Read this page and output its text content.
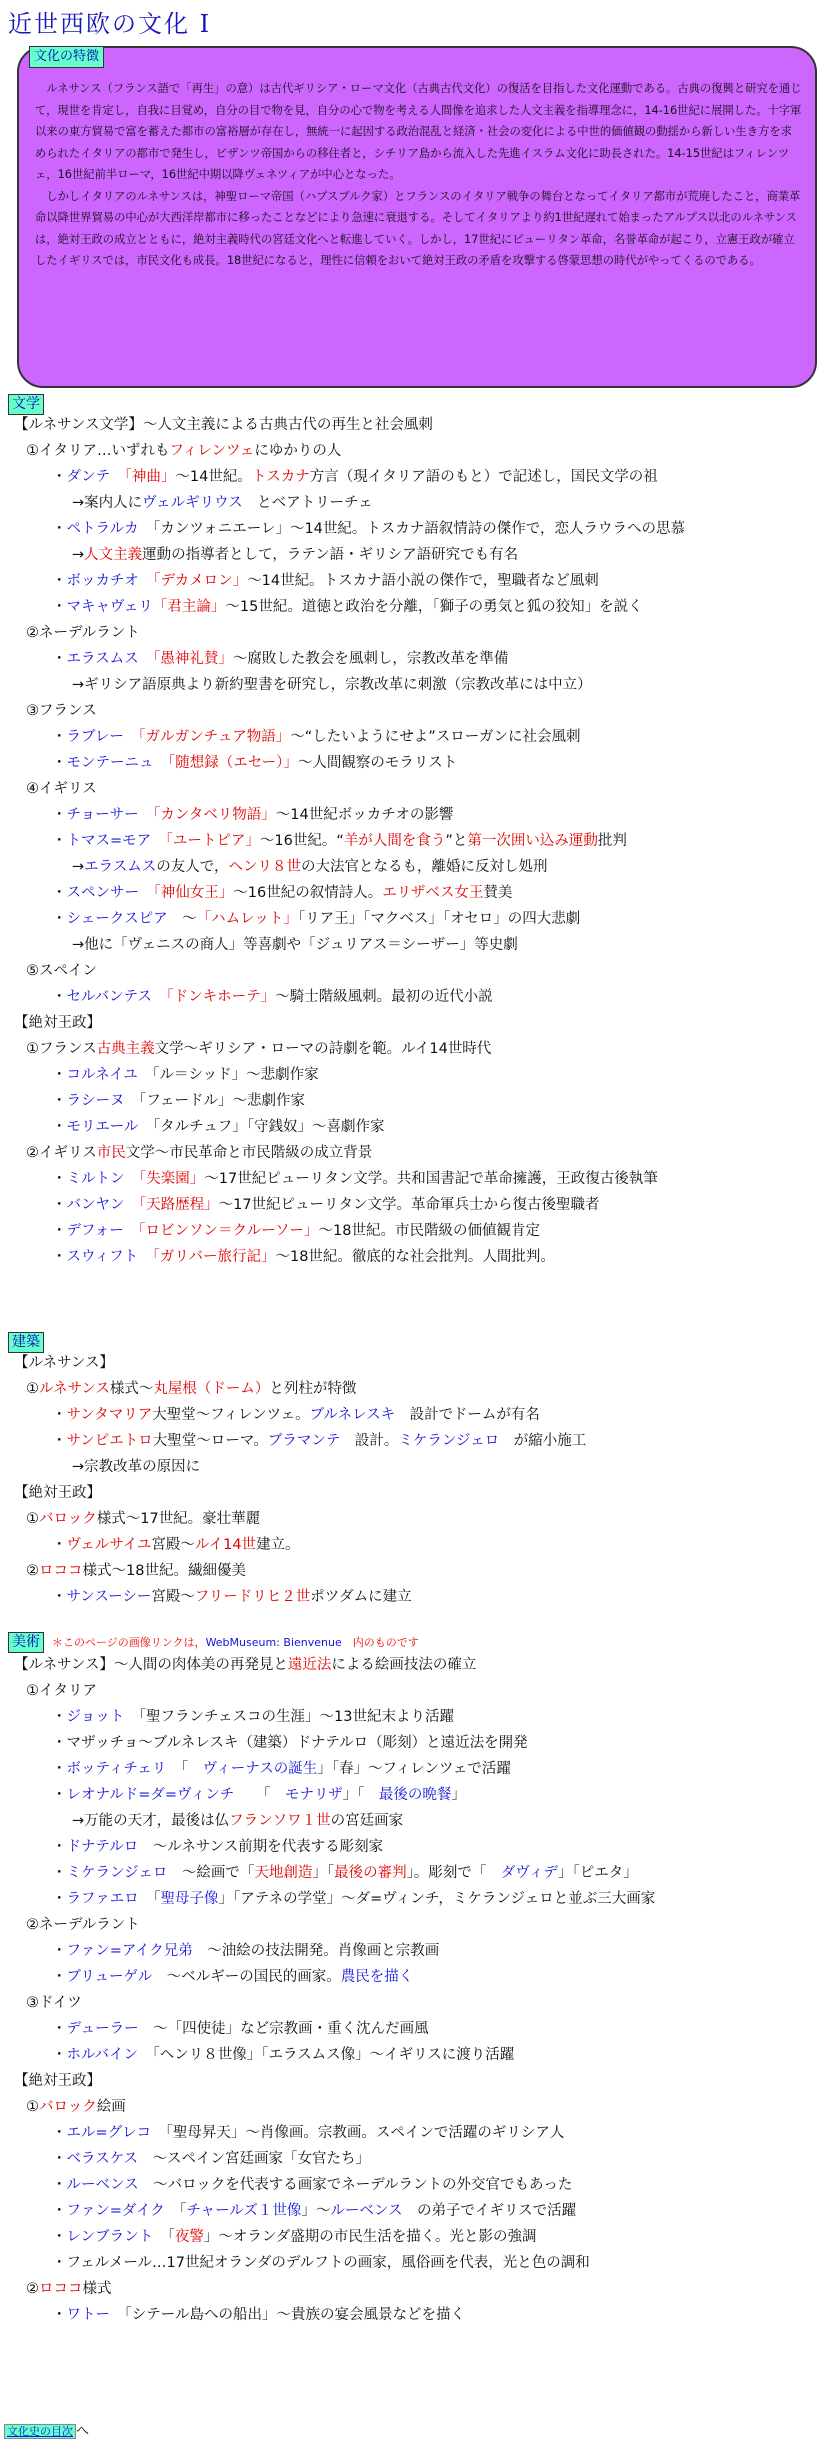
近世西欧の文化 Ⅰ
文化の特徴

ルネサンス（フランス語で「再生」の意）は古代ギリシア・ローマ文化（古典古代文化）の復活を目指した文化運動である。古典の復興と研究を通じて，現世を肯定し，自我に目覚め，自分の目で物を見，自分の心で物を考える人間像を追求した人文主義を指導理念に，14-16世紀に展開した。十字軍以来の東方貿易で富を蓄えた都市の富裕層が存在し，無統一に起因する政治混乱と経済・社会の変化による中世的価値観の動揺から新しい生き方を求められたイタリアの都市で発生し，ビザンツ帝国からの移住者と，シチリア島から流入した先進イスラム文化に助長された。14-15世紀はフィレンツェ，16世紀前半ローマ，16世紀中期以降ヴェネツィアが中心となった。

しかしイタリアのルネサンスは，神聖ローマ帝国（ハプスブルク家）とフランスのイタリア戦争の舞台となってイタリア都市が荒廃したこと，商業革命以降世界貿易の中心が大西洋岸都市に移ったことなどにより急速に衰退する。そしてイタリアより約1世紀遅れて始まったアルプス以北のルネサンスは，絶対王政の成立とともに，絶対主義時代の宮廷文化へと転進していく。しかし，17世紀にピューリタン革命，名誉革命が起こり，立憲王政が確立したイギリスでは，市民文化も成長。18世紀になると，理性に信頼をおいて絶対王政の矛盾を攻撃する啓蒙思想の時代がやってくるのである。

文学
【ルネサンス文学】～人文主義による古典古代の再生と社会風刺
①イタリア…いずれもフィレンツェにゆかりの人
・ダンテ　 「神曲」～14世紀。トスカナ方言（現イタリア語のもと）で記述し，国民文学の祖
→案内人にヴェルギリウス　 とベアトリーチェ
・ペトラルカ　 「カンツォニエーレ」～14世紀。トスカナ語叙情詩の傑作で，恋人ラウラへの思慕
→人文主義運動の指導者として，ラテン語・ギリシア語研究でも有名
・ボッカチオ　 「デカメロン」～14世紀。トスカナ語小説の傑作で，聖職者など風刺
・マキャヴェリ「君主論」～15世紀。道徳と政治を分離，「獅子の勇気と狐の狡知」を説く
②ネーデルラント
・エラスムス　 「愚神礼賛」～腐敗した教会を風刺し，宗教改革を準備
→ギリシア語原典より新約聖書を研究し，宗教改革に刺激（宗教改革には中立）
③フランス
・ラブレー　 「ガルガンチュア物語」～“したいようにせよ”スローガンに社会風刺
・モンテーニュ　 「随想録（エセー）」～人間観察のモラリスト
④イギリス
・チョーサー　 「カンタベリ物語」～14世紀ボッカチオの影響
・トマス=モア　 「ユートピア」～16世紀。“羊が人間を食う”と第一次囲い込み運動批判
→エラスムスの友人で，ヘンリ８世の大法官となるも，離婚に反対し処刑
・スペンサー　 「神仙女王」～16世紀の叙情詩人。エリザベス女王賛美
・シェークスピア　 ～「ハムレット」「リア王」「マクベス」「オセロ」の四大悲劇
→他に「ヴェニスの商人」等喜劇や「ジュリアス＝シーザー」等史劇
⑤スペイン
・セルバンテス　 「ドンキホーテ」～騎士階級風刺。最初の近代小説
【絶対王政】
①フランス古典主義文学～ギリシア・ローマの詩劇を範。ルイ14世時代
・コルネイユ　 「ル＝シッド」～悲劇作家
・ラシーヌ　 「フェードル」～悲劇作家
・モリエール　 「タルチュフ」「守銭奴」～喜劇作家
②イギリス市民文学～市民革命と市民階級の成立背景
・ミルトン　 「失楽園」～17世紀ピューリタン文学。共和国書記で革命擁護，王政復古後執筆
・バンヤン　 「天路歴程」～17世紀ピューリタン文学。革命軍兵士から復古後聖職者
・デフォー　 「ロビンソン＝クルーソー」～18世紀。市民階級の価値観肯定
・スウィフト　 「ガリバー旅行記」～18世紀。徹底的な社会批判。人間批判。
建築
【ルネサンス】
①ルネサンス様式～丸屋根（ドーム）と列柱が特徴
・サンタマリア大聖堂～フィレンツェ。ブルネレスキ　 設計でドームが有名
・サンピエトロ大聖堂～ローマ。ブラマンテ　 設計。ミケランジェロ　 が縮小施工
→宗教改革の原因に
【絶対王政】
①バロック様式～17世紀。豪壮華麗
・ヴェルサイユ宮殿～ルイ14世建立。
②ロココ様式～18世紀。繊細優美
・サンスーシー宮殿～フリードリヒ２世ポツダムに建立
美術	＊このページの画像リンクは，WebMuseum: Bienvenue　 内のものです
【ルネサンス】～人間の肉体美の再発見と遠近法による絵画技法の確立
①イタリア
・ジョット　 「聖フランチェスコの生涯」～13世紀末より活躍
・マザッチョ～ブルネレスキ（建築）ドナテルロ（彫刻）と遠近法を開発
・ボッティチェリ　 「　 ヴィーナスの誕生」「春」～フィレンツェで活躍
・レオナルド=ダ=ヴィンチ　　 「　 モナリザ」「　 最後の晩餐」
→万能の天才，最後は仏フランソワ１世の宮廷画家
・ドナテルロ　 ～ルネサンス前期を代表する彫刻家
・ミケランジェロ　 ～絵画で「天地創造」「最後の審判」。彫刻で「　 ダヴィデ」「ピエタ」
・ラファエロ　 「聖母子像」「アテネの学堂」～ダ=ヴィンチ，ミケランジェロと並ぶ三大画家
②ネーデルラント
・ファン=アイク兄弟　 ～油絵の技法開発。肖像画と宗教画
・ブリューゲル　 ～ベルギーの国民的画家。農民を描く
③ドイツ
・デューラー　 ～「四使徒」など宗教画・重く沈んだ画風
・ホルバイン　 「ヘンリ８世像」「エラスムス像」～イギリスに渡り活躍
【絶対王政】
①バロック絵画
・エル=グレコ　 「聖母昇天」～肖像画。宗教画。スペインで活躍のギリシア人
・ベラスケス　 ～スペイン宮廷画家「女官たち」
・ルーベンス　 ～バロックを代表する画家でネーデルラントの外交官でもあった
・ファン=ダイク　 「チャールズ１世像」～ルーベンス　 の弟子でイギリスで活躍
・レンブラント　 「夜警」～オランダ盛期の市民生活を描く。光と影の強調
・フェルメール…17世紀オランダのデルフトの画家，風俗画を代表，光と色の調和
②ロココ様式
・ワトー　 「シテール島への船出」～貴族の宴会風景などを描く
文化史の目次 へ
